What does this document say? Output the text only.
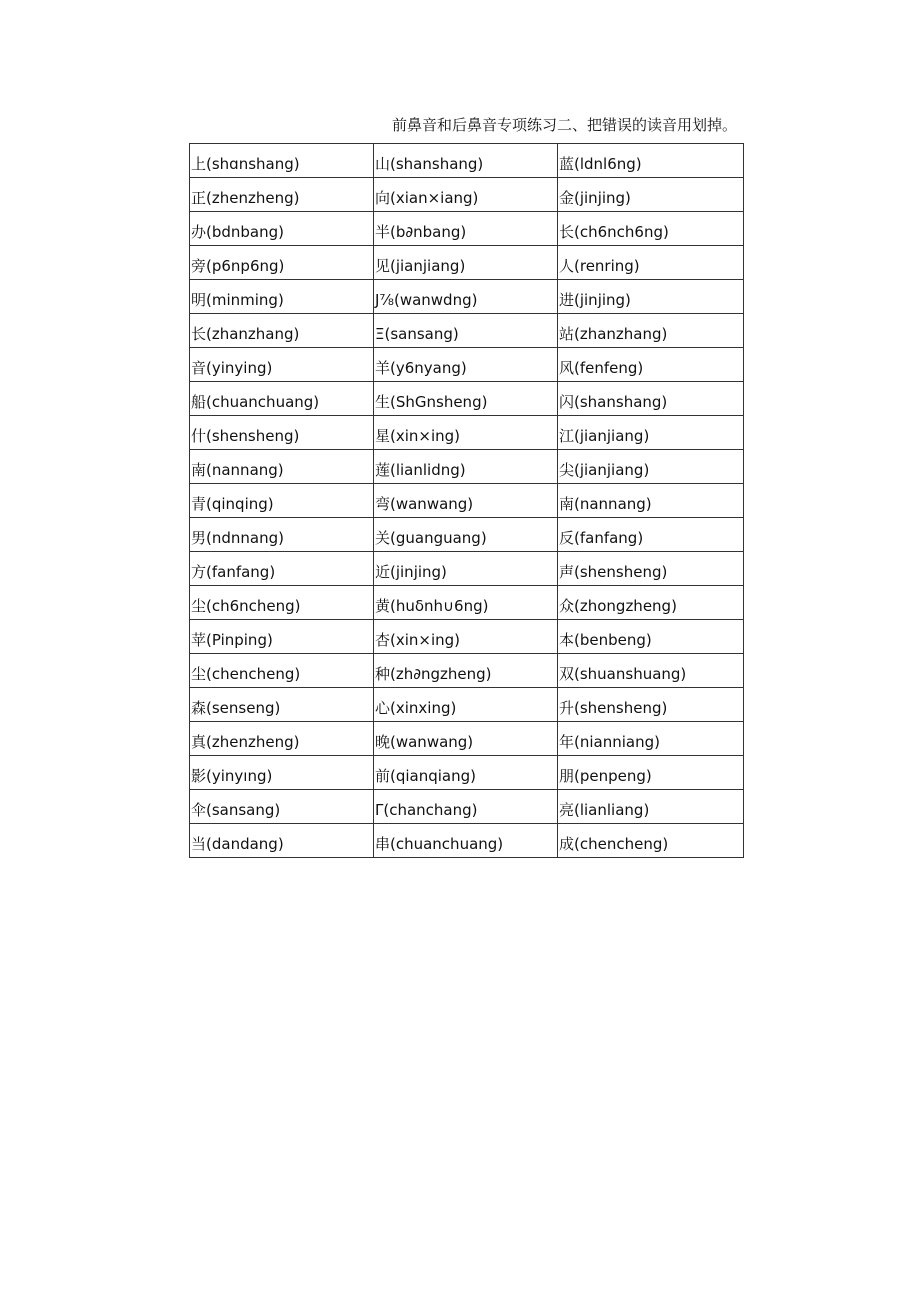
前鼻音和后鼻音专项练习二、把错误的读音用划掉。
上(shɑnshang)	山(shanshang)	蓝(ldnl6ng)
正(zhenzheng)	向(xian×iang)	金(jinjing)
办(bdnbang)	半(b∂nbang)	长(ch6nch6ng)
旁(p6np6ng)	见(jianjiang)	人(renring)
明(minming)	J⅞(wanwdng)	进(jinjing)
长(zhanzhang)	Ξ(sansang)	站(zhanzhang)
音(yinying)	羊(y6nyang)	风(fenfeng)
船(chuanchuang)	生(ShGnsheng)	闪(shanshang)
什(shensheng)	星(xin×ing)	江(jianjiang)
南(nannang)	莲(lianlidng)	尖(jianjiang)
青(qinqing)	弯(wanwang)	南(nannang)
男(ndnnang)	关(guanguang)	反(fanfang)
方(fanfang)	近(jinjing)	声(shensheng)
尘(ch6ncheng)	黄(huδnh∪6ng)	众(zhongzheng)
苹(Pinping)	杏(xin×ing)	本(benbeng)
尘(chencheng)	种(zh∂ngzheng)	双(shuanshuang)
森(senseng)	心(xinxing)	升(shensheng)
真(zhenzheng)	晚(wanwang)	年(nianniang)
影(yinyıng)	前(qianqiang)	朋(penpeng)
伞(sansang)	Γ(chanchang)	亮(lianliang)
当(dandang)	串(chuanchuang)	成(chencheng)
